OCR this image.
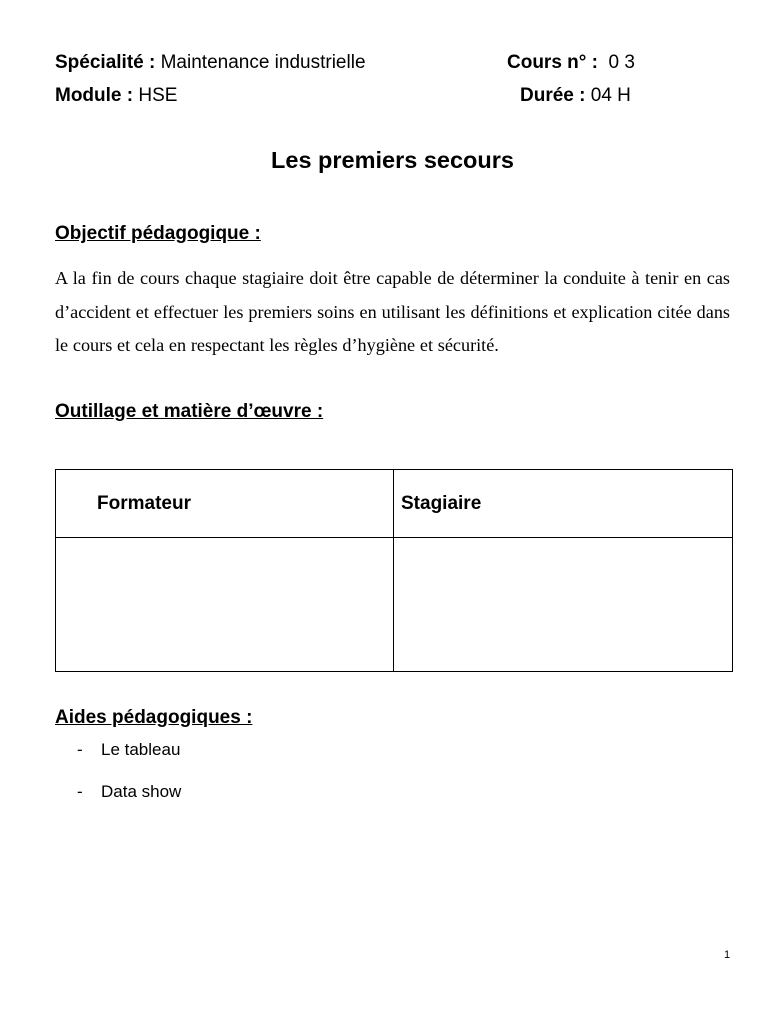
Spécialité : Maintenance industrielle	Cours n° : 0 3
Module : HSE	Durée : 04 H
Les premiers secours
Objectif pédagogique :
A la fin de cours chaque stagiaire doit être capable de déterminer la conduite à tenir en cas d’accident et effectuer les premiers soins en utilisant les définitions et explication citée dans le cours et cela en respectant les règles d’hygiène et sécurité.
Outillage et matière d’œuvre :
Formateur	Stagiaire

Aides pédagogiques :
- Le tableau
- Data show
1
